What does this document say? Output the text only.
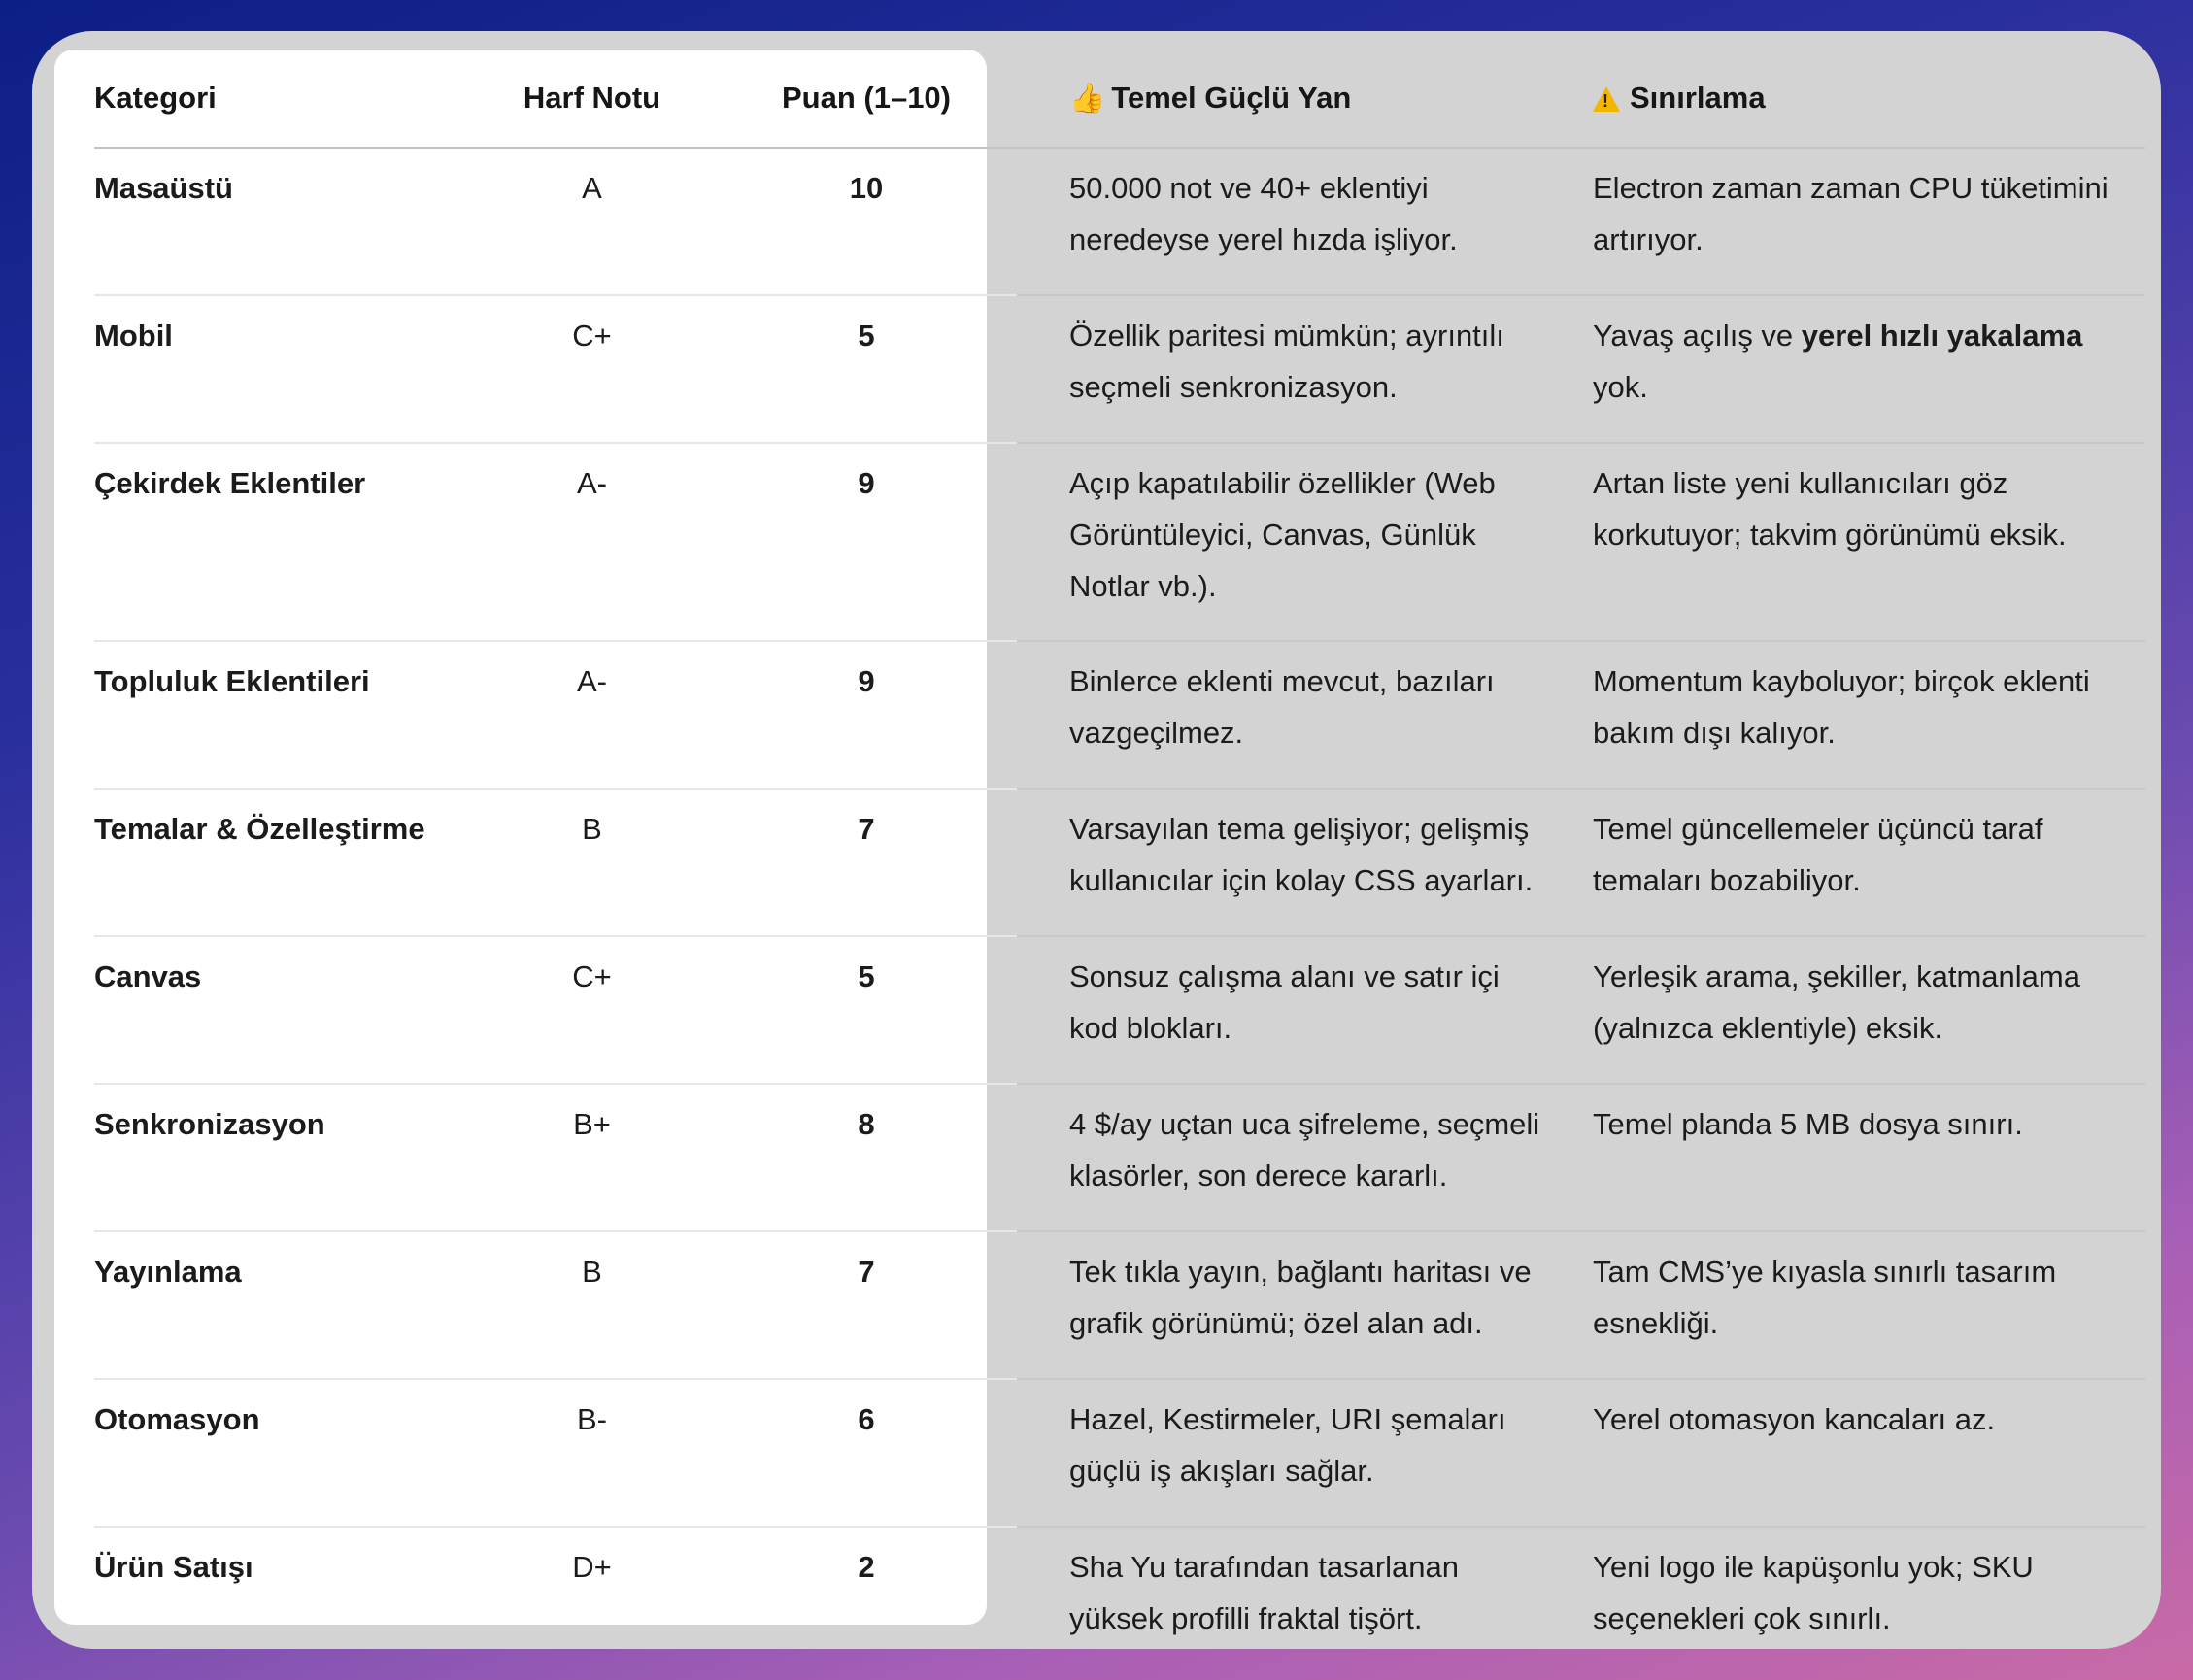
Kategori	Harf Notu	Puan (1–10)	👍 Temel Güçlü Yan	!Sınırlama
Masaüstü	A	10	50.000 not ve 40+ eklentiyi neredeyse yerel hızda işliyor.	Electron zaman zaman CPU tüketimini artırıyor.
Mobil	C+	5	Özellik paritesi mümkün; ayrıntılı seçmeli senkronizasyon.	Yavaş açılış ve yerel hızlı yakalama yok.
Çekirdek Eklentiler	A-	9	Açıp kapatılabilir özellikler (Web Görüntüleyici, Canvas, Günlük Notlar vb.).	Artan liste yeni kullanıcıları göz korkutuyor; takvim görünümü eksik.
Topluluk Eklentileri	A-	9	Binlerce eklenti mevcut, bazıları vazgeçilmez.	Momentum kayboluyor; birçok eklenti bakım dışı kalıyor.
Temalar & Özelleştirme	B	7	Varsayılan tema gelişiyor; gelişmiş kullanıcılar için kolay CSS ayarları.	Temel güncellemeler üçüncü taraf temaları bozabiliyor.
Canvas	C+	5	Sonsuz çalışma alanı ve satır içi kod blokları.	Yerleşik arama, şekiller, katmanlama (yalnızca eklentiyle) eksik.
Senkronizasyon	B+	8	4 $/ay uçtan uca şifreleme, seçmeli klasörler, son derece kararlı.	Temel planda 5 MB dosya sınırı.
Yayınlama	B	7	Tek tıkla yayın, bağlantı haritası ve grafik görünümü; özel alan adı.	Tam CMS’ye kıyasla sınırlı tasarım esnekliği.
Otomasyon	B-	6	Hazel, Kestirmeler, URI şemaları güçlü iş akışları sağlar.	Yerel otomasyon kancaları az.
Ürün Satışı	D+	2	Sha Yu tarafından tasarlanan yüksek profilli fraktal tişört.	Yeni logo ile kapüşonlu yok; SKU seçenekleri çok sınırlı.
